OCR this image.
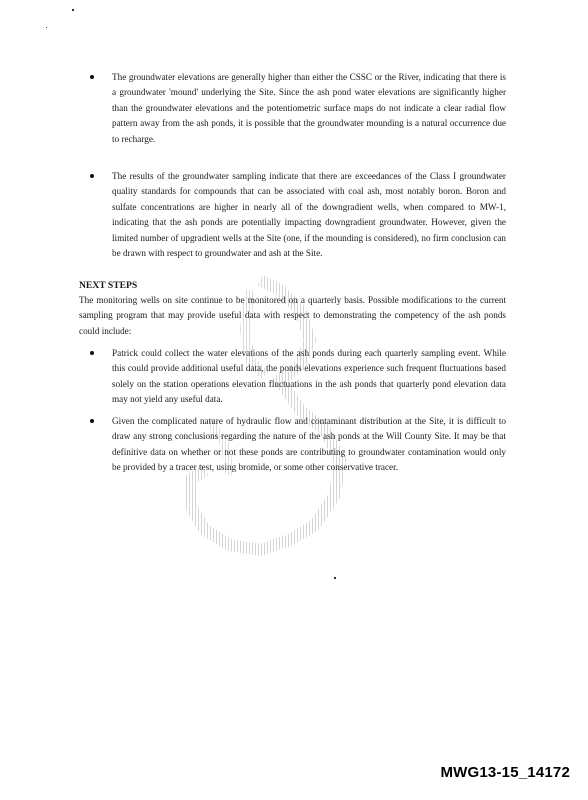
The groundwater elevations are generally higher than either the CSSC or the River, indicating that there is a groundwater 'mound' underlying the Site. Since the ash pond water elevations are significantly higher than the groundwater elevations and the potentiometric surface maps do not indicate a clear radial flow pattern away from the ash ponds, it is possible that the groundwater mounding is a natural occurrence due to recharge.
The results of the groundwater sampling indicate that there are exceedances of the Class I groundwater quality standards for compounds that can be associated with coal ash, most notably boron. Boron and sulfate concentrations are higher in nearly all of the downgradient wells, when compared to MW-1, indicating that the ash ponds are potentially impacting downgradient groundwater. However, given the limited number of upgradient wells at the Site (one, if the mounding is considered), no firm conclusion can be drawn with respect to groundwater and ash at the Site.
NEXT STEPS
The monitoring wells on site continue to be monitored on a quarterly basis. Possible modifications to the current sampling program that may provide useful data with respect to demonstrating the competency of the ash ponds could include:
Patrick could collect the water elevations of the ash ponds during each quarterly sampling event. While this could provide additional useful data, the ponds elevations experience such frequent fluctuations based solely on the station operations elevation fluctuations in the ash ponds that quarterly pond elevation data may not yield any useful data.
Given the complicated nature of hydraulic flow and contaminant distribution at the Site, it is difficult to draw any strong conclusions regarding the nature of the ash ponds at the Will County Site. It may be that definitive data on whether or not these ponds are contributing to groundwater contamination would only be provided by a tracer test, using bromide, or some other conservative tracer.
MWG13-15_14172
